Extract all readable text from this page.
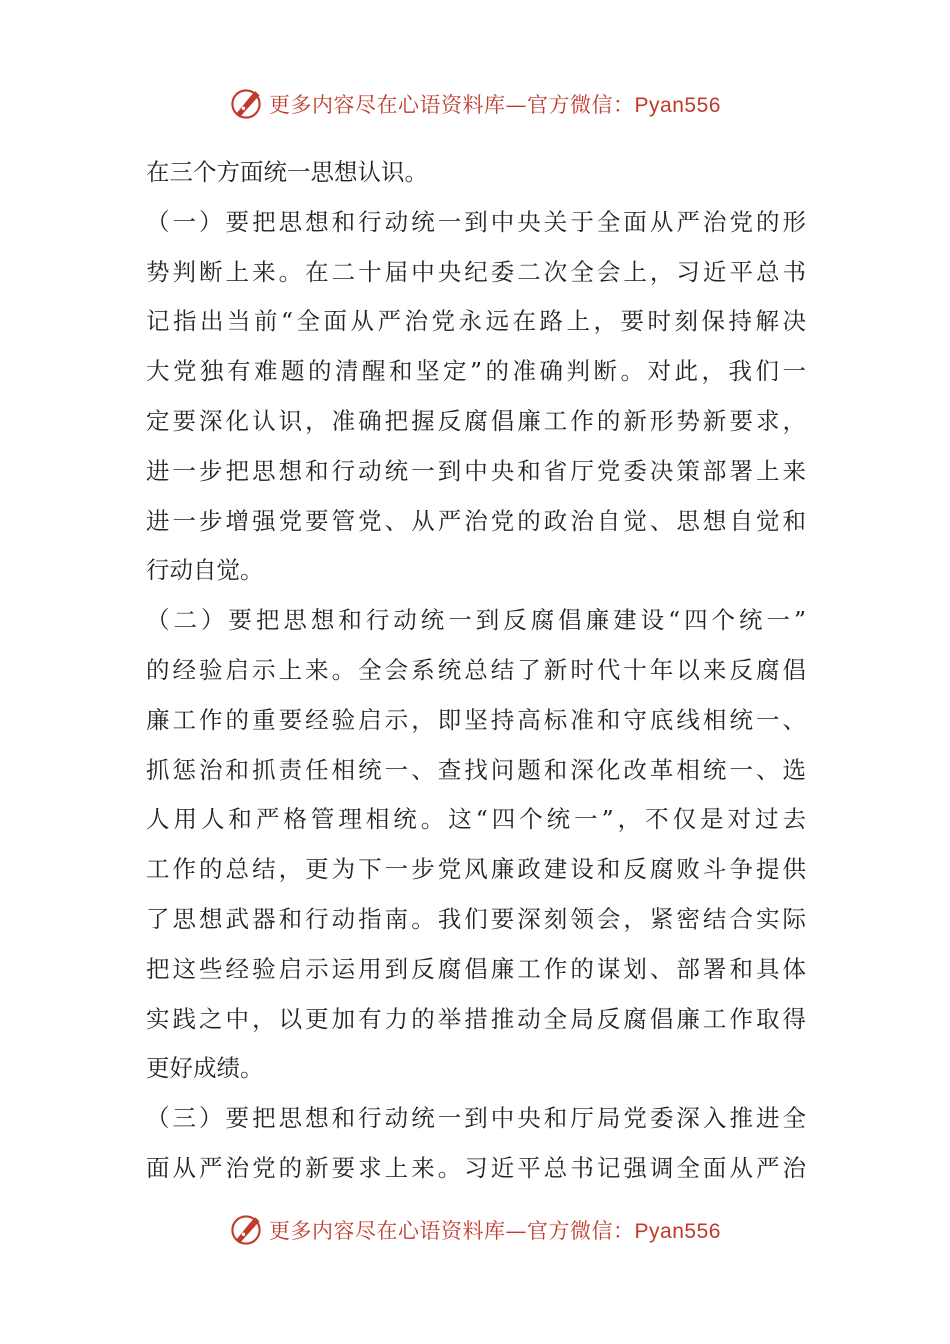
更多内容尽在心语资料库—官方微信：Pyan556
在三个方面统一思想认识。
（一）要把思想和行动统一到中央关于全面从严治党的形
势判断上来。在二十届中央纪委二次全会上，习近平总书
记指出当前“全面从严治党永远在路上，要时刻保持解决
大党独有难题的清醒和坚定”的准确判断。对此，我们一
定要深化认识，准确把握反腐倡廉工作的新形势新要求，
进一步把思想和行动统一到中央和省厅党委决策部署上来
进一步增强党要管党、从严治党的政治自觉、思想自觉和
行动自觉。
（二）要把思想和行动统一到反腐倡廉建设“四个统一”
的经验启示上来。全会系统总结了新时代十年以来反腐倡
廉工作的重要经验启示，即坚持高标准和守底线相统一、
抓惩治和抓责任相统一、查找问题和深化改革相统一、选
人用人和严格管理相统。这“四个统一”，不仅是对过去
工作的总结，更为下一步党风廉政建设和反腐败斗争提供
了思想武器和行动指南。我们要深刻领会，紧密结合实际
把这些经验启示运用到反腐倡廉工作的谋划、部署和具体
实践之中，以更加有力的举措推动全局反腐倡廉工作取得
更好成绩。
（三）要把思想和行动统一到中央和厅局党委深入推进全
面从严治党的新要求上来。习近平总书记强调全面从严治
更多内容尽在心语资料库—官方微信：Pyan556
